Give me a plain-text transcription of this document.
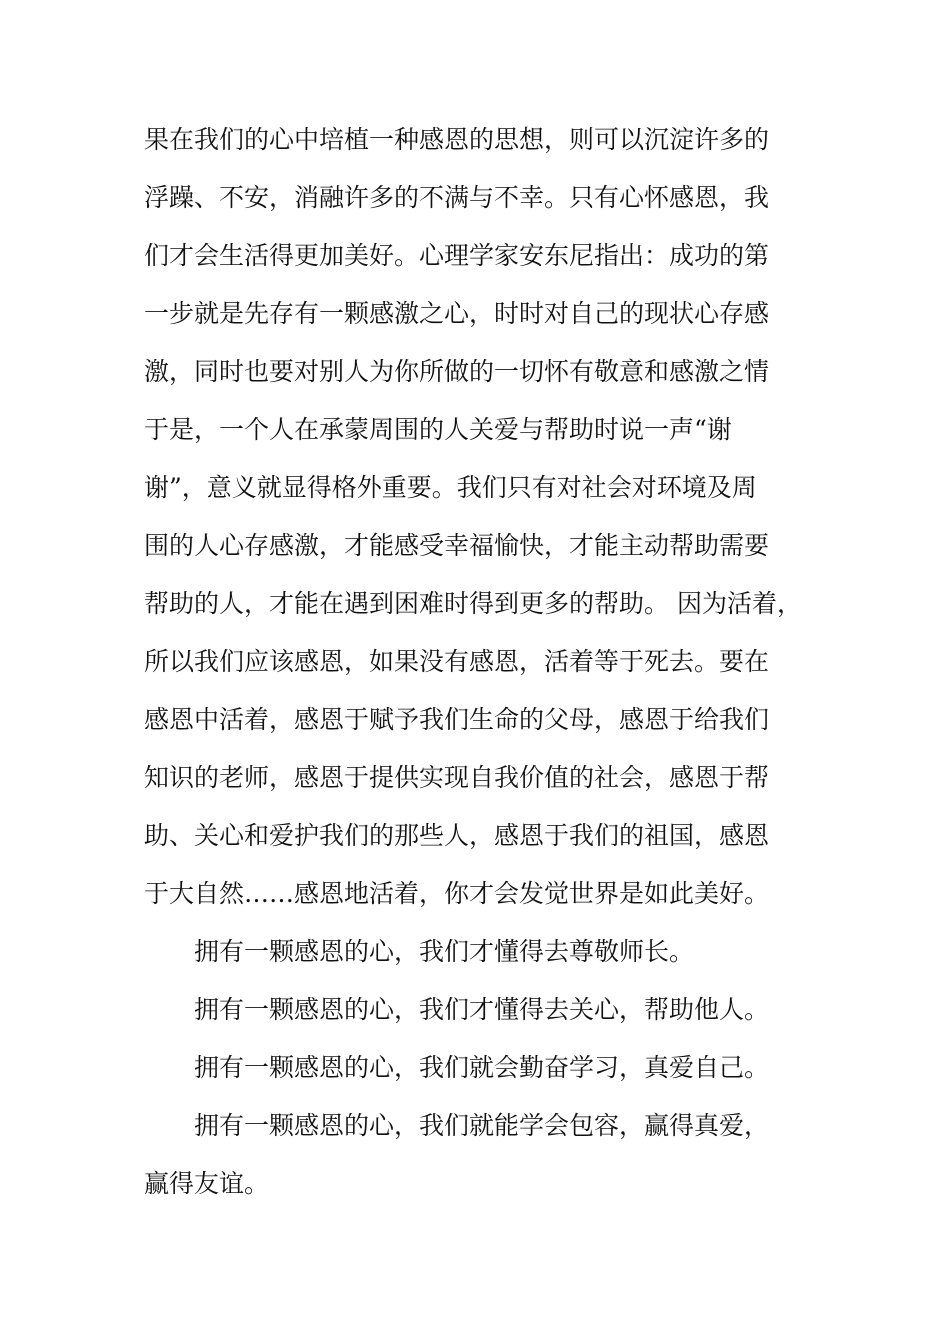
果在我们的心中培植一种感恩的思想，则可以沉淀许多的
浮躁、不安，消融许多的不满与不幸。只有心怀感恩，我
们才会生活得更加美好。心理学家安东尼指出：成功的第
一步就是先存有一颗感激之心，时时对自己的现状心存感
激，同时也要对别人为你所做的一切怀有敬意和感激之情
于是，一个人在承蒙周围的人关爱与帮助时说一声“谢
谢”，意义就显得格外重要。我们只有对社会对环境及周
围的人心存感激，才能感受幸福愉快，才能主动帮助需要
帮助的人，才能在遇到困难时得到更多的帮助。 因为活着，
所以我们应该感恩，如果没有感恩，活着等于死去。要在
感恩中活着，感恩于赋予我们生命的父母，感恩于给我们
知识的老师，感恩于提供实现自我价值的社会，感恩于帮
助、关心和爱护我们的那些人，感恩于我们的祖国，感恩
于大自然……感恩地活着，你才会发觉世界是如此美好。
拥有一颗感恩的心，我们才懂得去尊敬师长。
拥有一颗感恩的心，我们才懂得去关心，帮助他人。
拥有一颗感恩的心，我们就会勤奋学习，真爱自己。
拥有一颗感恩的心，我们就能学会包容，赢得真爱，
赢得友谊。
